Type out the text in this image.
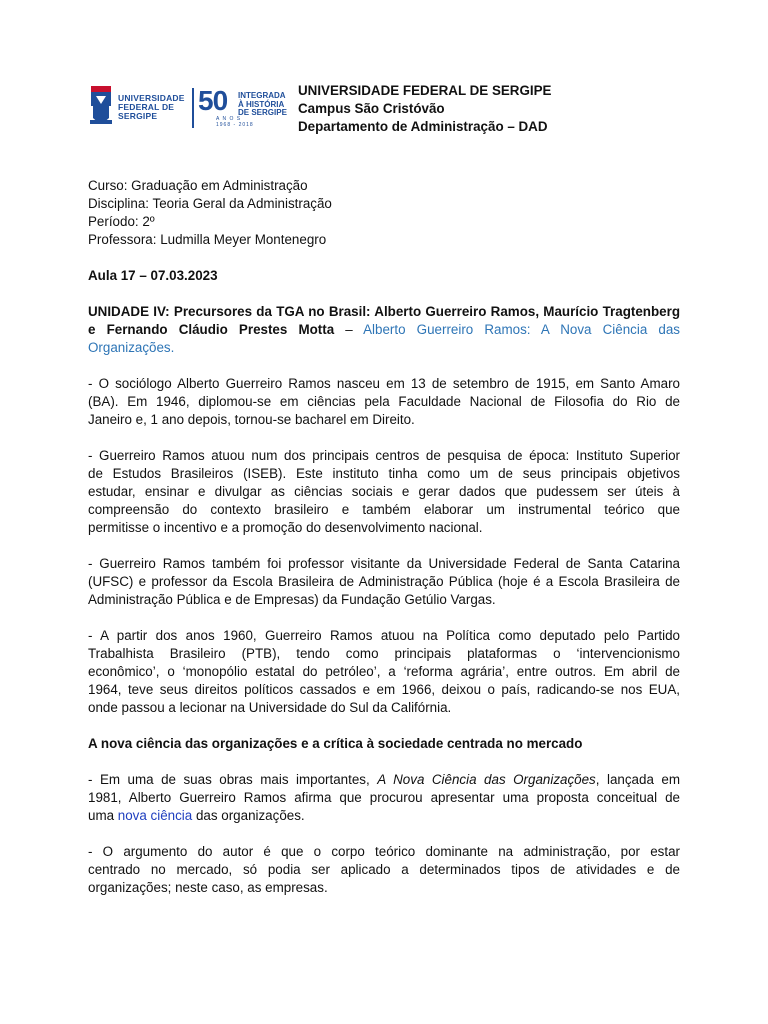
UNIVERSIDADE
FEDERAL DE
SERGIPE	50 INTEGRADA
À HISTÓRIA
DE SERGIPE
A N O S
1968 - 2018
UNIVERSIDADE FEDERAL DE SERGIPE
Campus São Cristóvão
Departamento de Administração – DAD
Curso: Graduação em Administração
Disciplina: Teoria Geral da Administração
Período: 2º
Professora: Ludmilla Meyer Montenegro
Aula 17 – 07.03.2023

UNIDADE IV: Precursores da TGA no Brasil: Alberto Guerreiro Ramos, Maurício Tragtenberg

e Fernando Cláudio Prestes Motta – Alberto Guerreiro Ramos: A Nova Ciência das

Organizações.

- O sociólogo Alberto Guerreiro Ramos nasceu em 13 de setembro de 1915, em Santo Amaro

(BA). Em 1946, diplomou-se em ciências pela Faculdade Nacional de Filosofia do Rio de

Janeiro e, 1 ano depois, tornou-se bacharel em Direito.

- Guerreiro Ramos atuou num dos principais centros de pesquisa de época: Instituto Superior

de Estudos Brasileiros (ISEB). Este instituto tinha como um de seus principais objetivos

estudar, ensinar e divulgar as ciências sociais e gerar dados que pudessem ser úteis à

compreensão do contexto brasileiro e também elaborar um instrumental teórico que

permitisse o incentivo e a promoção do desenvolvimento nacional.

- Guerreiro Ramos também foi professor visitante da Universidade Federal de Santa Catarina

(UFSC) e professor da Escola Brasileira de Administração Pública (hoje é a Escola Brasileira de

Administração Pública e de Empresas) da Fundação Getúlio Vargas.

- A partir dos anos 1960, Guerreiro Ramos atuou na Política como deputado pelo Partido

Trabalhista Brasileiro (PTB), tendo como principais plataformas o ‘intervencionismo

econômico’, o ‘monopólio estatal do petróleo’, a ‘reforma agrária’, entre outros. Em abril de

1964, teve seus direitos políticos cassados e em 1966, deixou o país, radicando-se nos EUA,

onde passou a lecionar na Universidade do Sul da Califórnia.

A nova ciência das organizações e a crítica à sociedade centrada no mercado

- Em uma de suas obras mais importantes, A Nova Ciência das Organizações, lançada em

1981, Alberto Guerreiro Ramos afirma que procurou apresentar uma proposta conceitual de

uma nova ciência das organizações.

- O argumento do autor é que o corpo teórico dominante na administração, por estar

centrado no mercado, só podia ser aplicado a determinados tipos de atividades e de

organizações; neste caso, as empresas.
